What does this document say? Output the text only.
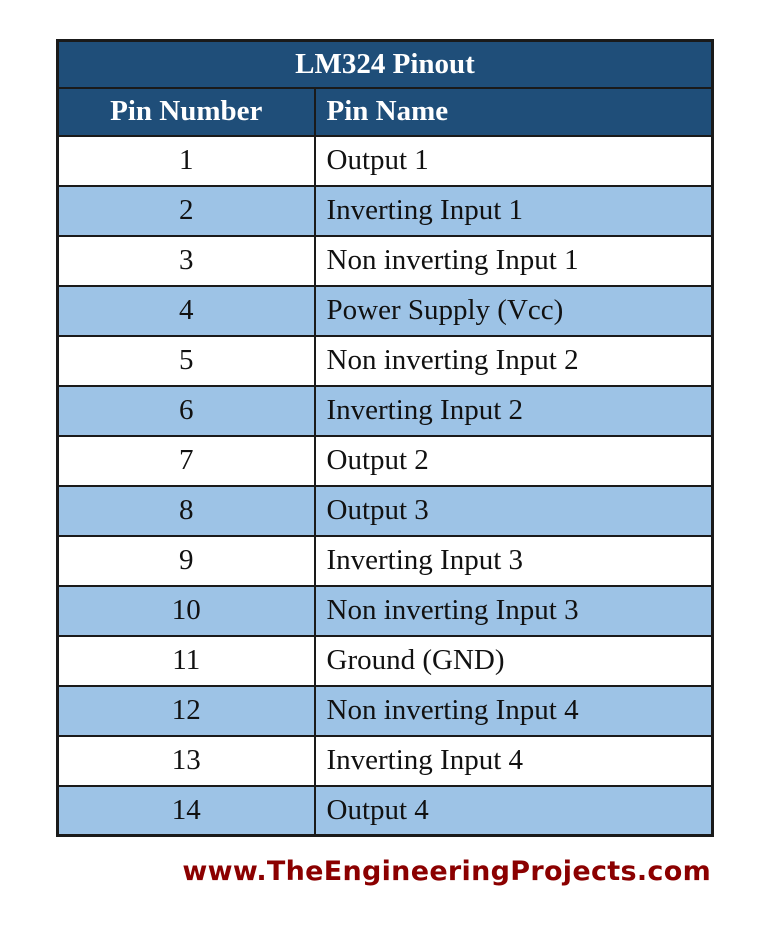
LM324 Pinout	
Pin Number	Pin Name
1	Output 1
2	Inverting Input 1
3	Non inverting Input 1
4	Power Supply (Vcc)
5	Non inverting Input 2
6	Inverting Input 2
7	Output 2
8	Output 3
9	Inverting Input 3
10	Non inverting Input 3
11	Ground (GND)
12	Non inverting Input 4
13	Inverting Input 4
14	Output 4
www.TheEngineeringProjects.com
